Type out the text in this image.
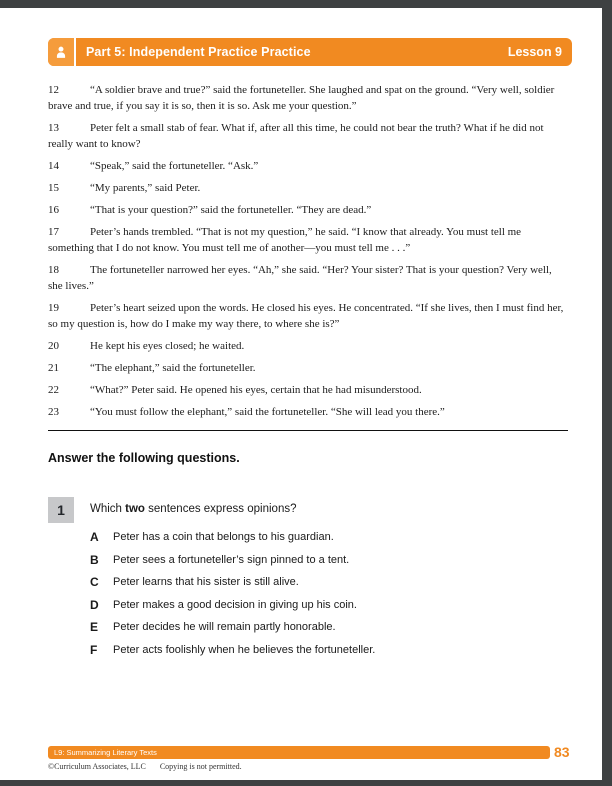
Part 5: Independent Practice Practice	Lesson 9

12	“A soldier brave and true?” said the fortuneteller. She laughed and spat on the ground. “Very well, soldier brave and true, if you say it is so, then it is so. Ask me your question.”

13	Peter felt a small stab of fear. What if, after all this time, he could not bear the truth? What if he did not really want to know?

14	“Speak,” said the fortuneteller. “Ask.”

15	“My parents,” said Peter.

16	“That is your question?” said the fortuneteller. “They are dead.”

17	Peter’s hands trembled. “That is not my question,” he said. “I know that already. You must tell me something that I do not know. You must tell me of another—you must tell me . . .”

18	The fortuneteller narrowed her eyes. “Ah,” she said. “Her? Your sister? That is your question? Very well, she lives.”

19	Peter’s heart seized upon the words. He closed his eyes. He concentrated. “If she lives, then I must find her, so my question is, how do I make my way there, to where she is?”

20	He kept his eyes closed; he waited.

21	“The elephant,” said the fortuneteller.

22	“What?” Peter said. He opened his eyes, certain that he had misunderstood.

23	“You must follow the elephant,” said the fortuneteller. “She will lead you there.”

Answer the following questions.
1	Which two sentences express opinions?

A	Peter has a coin that belongs to his guardian.
B	Peter sees a fortuneteller’s sign pinned to a tent.
C	Peter learns that his sister is still alive.
D	Peter makes a good decision in giving up his coin.
E	Peter decides he will remain partly honorable.
F	Peter acts foolishly when he believes the fortuneteller.
L9: Summarizing Literary Texts	83
©Curriculum Associates, LLC Copying is not permitted.
